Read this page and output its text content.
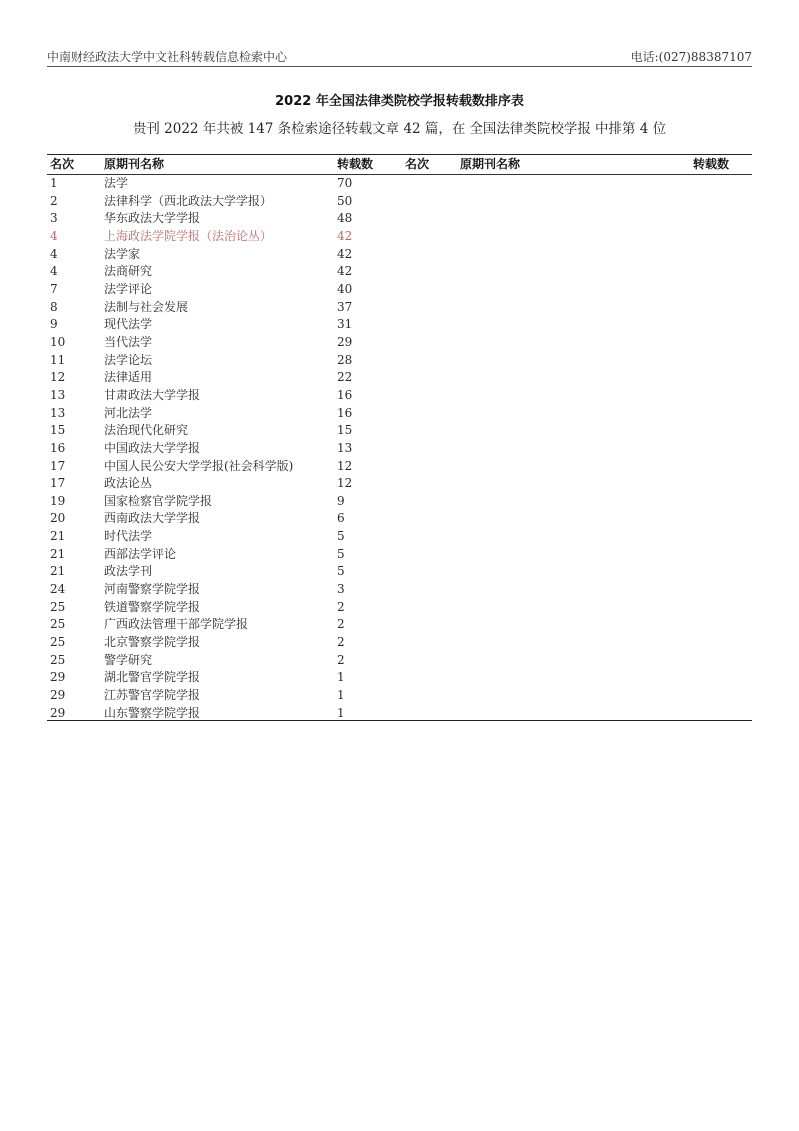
中南财经政法大学中文社科转载信息检索中心	电话:(027)88387107
2022 年全国法律类院校学报转载数排序表
贵刊 2022 年共被 147 条检索途径转载文章 42 篇，在 全国法律类院校学报 中排第 4 位
名次 原期刊名称	转载数	名次	原期刊名称	转载数
1	法学	70
2	法律科学（西北政法大学学报）	50
3	华东政法大学学报	48
4	上海政法学院学报（法治论丛）	42
4	法学家	42
4	法商研究	42
7	法学评论	40
8	法制与社会发展	37
9	现代法学	31
10	当代法学	29
11	法学论坛	28
12	法律适用	22
13	甘肃政法大学学报	16
13	河北法学	16
15	法治现代化研究	15
16	中国政法大学学报	13
17	中国人民公安大学学报(社会科学版)	12
17	政法论丛	12
19	国家检察官学院学报	9
20	西南政法大学学报	6
21	时代法学	5
21	西部法学评论	5
21	政法学刊	5
24	河南警察学院学报	3
25	铁道警察学院学报	2
25	广西政法管理干部学院学报	2
25	北京警察学院学报	2
25	警学研究	2
29	湖北警官学院学报	1
29	江苏警官学院学报	1
29	山东警察学院学报	1
